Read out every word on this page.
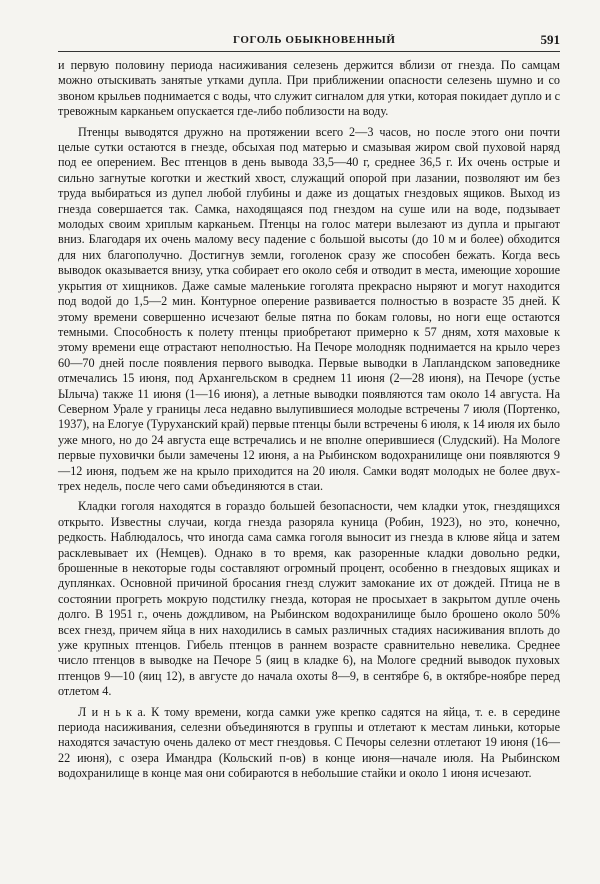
ГОГОЛЬ ОБЫКНОВЕННЫЙ	591

и первую половину периода насиживания селезень держится вблизи от гнезда. По самцам можно отыскивать занятые утками дупла. При приближении опасности селезень шумно и со звоном крыльев поднимается с воды, что служит сигналом для утки, которая покидает дупло и с тревожным карканьем опускается где-либо поблизости на воду.

Птенцы выводятся дружно на протяжении всего 2—3 часов, но после этого они почти целые сутки остаются в гнезде, обсыхая под матерью и смазывая жиром свой пуховой наряд под ее оперением. Вес птенцов в день вывода 33,5—40 г, среднее 36,5 г. Их очень острые и сильно загнутые коготки и жесткий хвост, служащий опорой при лазании, позволяют им без труда выбираться из дупел любой глубины и даже из дощатых гнездовых ящиков. Выход из гнезда совершается так. Самка, находящаяся под гнездом на суше или на воде, подзывает молодых своим хриплым карканьем. Птенцы на голос матери вылезают из дупла и прыгают вниз. Благодаря их очень малому весу падение с большой высоты (до 10 м и более) обходится для них благополучно. Достигнув земли, гоголенок сразу же способен бежать. Когда весь выводок оказывается внизу, утка собирает его около себя и отводит в места, имеющие хорошие укрытия от хищников. Даже самые маленькие гоголята прекрасно ныряют и могут находится под водой до 1,5—2 мин. Контурное оперение развивается полностью в возрасте 35 дней. К этому времени совершенно исчезают белые пятна по бокам головы, но ноги еще остаются темными. Способность к полету птенцы приобретают примерно к 57 дням, хотя маховые к этому времени еще отрастают неполностью. На Печоре молодняк поднимается на крыло через 60—70 дней после появления первого выводка. Первые выводки в Лапландском заповеднике отмечались 15 июня, под Архангельском в среднем 11 июня (2—28 июня), на Печоре (устье Ылыча) также 11 июня (1—16 июня), а летные выводки появляются там около 14 августа. На Северном Урале у границы леса недавно вылупившиеся молодые встречены 7 июля (Портенко, 1937), на Елогуе (Туруханский край) первые птенцы были встречены 6 июля, к 14 июля их было уже много, но до 24 августа еще встречались и не вполне оперившиеся (Слудский). На Мологе первые пуховички были замечены 12 июня, а на Рыбинском водохранилище они появляются 9—12 июня, подъем же на крыло приходится на 20 июля. Самки водят молодых не более двух-трех недель, после чего сами объединяются в стаи.

Кладки гоголя находятся в гораздо большей безопасности, чем кладки уток, гнездящихся открыто. Известны случаи, когда гнезда разоряла куница (Робин, 1923), но это, конечно, редкость. Наблюдалось, что иногда сама самка гоголя выносит из гнезда в клюве яйца и затем расклевывает их (Немцев). Однако в то время, как разоренные кладки довольно редки, брошенные в некоторые годы составляют огромный процент, особенно в гнездовых ящиках и дуплянках. Основной причиной бросания гнезд служит замокание их от дождей. Птица не в состоянии прогреть мокрую подстилку гнезда, которая не просыхает в закрытом дупле очень долго. В 1951 г., очень дождливом, на Рыбинском водохранилище было брошено около 50% всех гнезд, причем яйца в них находились в самых различных стадиях насиживания вплоть до уже крупных птенцов. Гибель птенцов в раннем возрасте сравнительно невелика. Среднее число птенцов в выводке на Печоре 5 (яиц в кладке 6), на Мологе средний выводок пуховых птенцов 9—10 (яиц 12), в августе до начала охоты 8—9, в сентябре 6, в октябре-ноябре перед отлетом 4.

Л и н ь к а. К тому времени, когда самки уже крепко садятся на яйца, т. е. в середине периода насиживания, селезни объединяются в группы и отлетают к местам линьки, которые находятся зачастую очень далеко от мест гнездовья. С Печоры селезни отлетают 19 июня (16—22 июня), с озера Имандра (Кольский п-ов) в конце июня—начале июля. На Рыбинском водохранилище в конце мая они собираются в небольшие стайки и около 1 июня исчезают.
